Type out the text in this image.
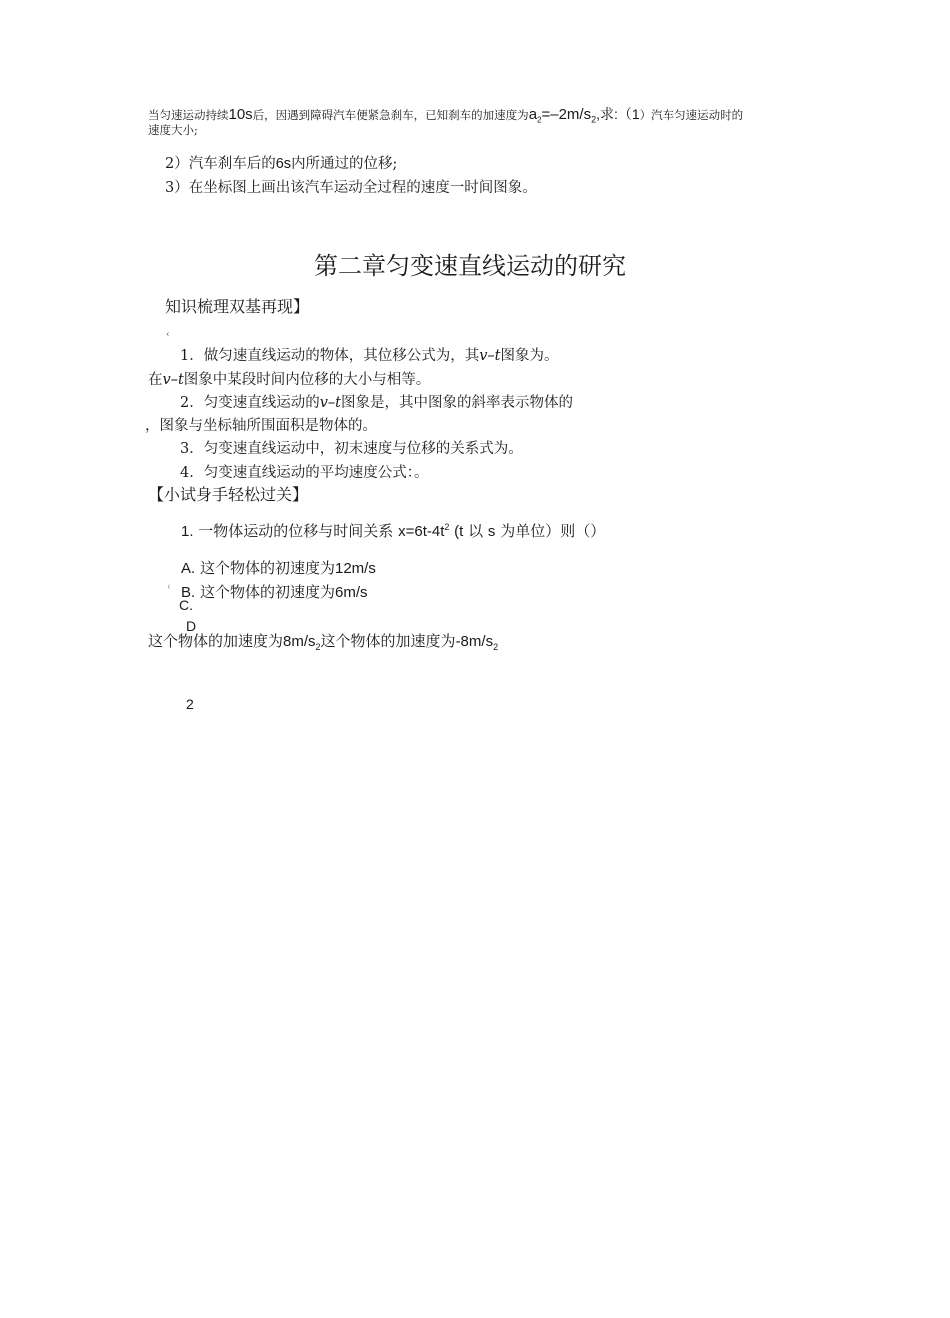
当匀速运动持续10s后，因遇到障碍汽车便紧急刹车，已知刹车的加速度为$a_2=-2m/s_2$,求:（1）汽车匀速运动时的
速度大小;
2）汽车刹车后的6s内所通过的位移;
3）在坐标图上画出该汽车运动全过程的速度一时间图象。
第二章匀变速直线运动的研究
知识梳理双基再现】
‹
1．做匀速直线运动的物体，其位移公式为，其v–t图象为。
在v–t图象中某段时间内位移的大小与相等。
2．匀变速直线运动的v–t图象是，其中图象的斜率表示物体的
，图象与坐标轴所围面积是物体的。
3．匀变速直线运动中，初末速度与位移的关系式为。
4．匀变速直线运动的平均速度公式：。
【小试身手轻松过关】
1. 一物体运动的位移与时间关系 $x=6t-4t^2$ (t 以 s 为单位）则（）
A. 这个物体的初速度为12m/s
⁽ B. 这个物体的初速度为6m/s
C.
D
这个物体的加速度为$8m/s_2$这个物体的加速度为$-8m/s_2$
2
